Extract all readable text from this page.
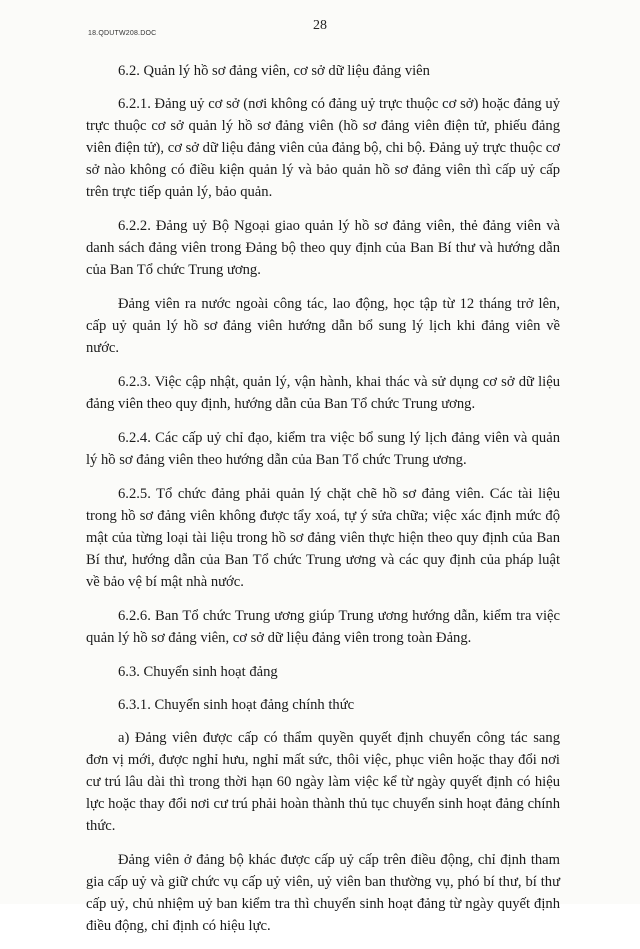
18.QDUTW208.DOC
28

6.2. Quản lý hồ sơ đảng viên, cơ sở dữ liệu đảng viên

6.2.1. Đảng uỷ cơ sở (nơi không có đảng uỷ trực thuộc cơ sở) hoặc đảng uỷ trực thuộc cơ sở quản lý hồ sơ đảng viên (hồ sơ đảng viên điện tử, phiếu đảng viên điện tử), cơ sở dữ liệu đảng viên của đảng bộ, chi bộ. Đảng uỷ trực thuộc cơ sở nào không có điều kiện quản lý và bảo quản hồ sơ đảng viên thì cấp uỷ cấp trên trực tiếp quản lý, bảo quản.

6.2.2. Đảng uỷ Bộ Ngoại giao quản lý hồ sơ đảng viên, thẻ đảng viên và danh sách đảng viên trong Đảng bộ theo quy định của Ban Bí thư và hướng dẫn của Ban Tổ chức Trung ương.

Đảng viên ra nước ngoài công tác, lao động, học tập từ 12 tháng trở lên, cấp uỷ quản lý hồ sơ đảng viên hướng dẫn bổ sung lý lịch khi đảng viên về nước.

6.2.3. Việc cập nhật, quản lý, vận hành, khai thác và sử dụng cơ sở dữ liệu đảng viên theo quy định, hướng dẫn của Ban Tổ chức Trung ương.

6.2.4. Các cấp uỷ chỉ đạo, kiểm tra việc bổ sung lý lịch đảng viên và quản lý hồ sơ đảng viên theo hướng dẫn của Ban Tổ chức Trung ương.

6.2.5. Tổ chức đảng phải quản lý chặt chẽ hồ sơ đảng viên. Các tài liệu trong hồ sơ đảng viên không được tẩy xoá, tự ý sửa chữa; việc xác định mức độ mật của từng loại tài liệu trong hồ sơ đảng viên thực hiện theo quy định của Ban Bí thư, hướng dẫn của Ban Tổ chức Trung ương và các quy định của pháp luật về bảo vệ bí mật nhà nước.

6.2.6. Ban Tổ chức Trung ương giúp Trung ương hướng dẫn, kiểm tra việc quản lý hồ sơ đảng viên, cơ sở dữ liệu đảng viên trong toàn Đảng.

6.3. Chuyển sinh hoạt đảng

6.3.1. Chuyển sinh hoạt đảng chính thức

a) Đảng viên được cấp có thẩm quyền quyết định chuyển công tác sang đơn vị mới, được nghỉ hưu, nghỉ mất sức, thôi việc, phục viên hoặc thay đổi nơi cư trú lâu dài thì trong thời hạn 60 ngày làm việc kể từ ngày quyết định có hiệu lực hoặc thay đổi nơi cư trú phải hoàn thành thủ tục chuyển sinh hoạt đảng chính thức.

Đảng viên ở đảng bộ khác được cấp uỷ cấp trên điều động, chỉ định tham gia cấp uỷ và giữ chức vụ cấp uỷ viên, uỷ viên ban thường vụ, phó bí thư, bí thư cấp uỷ, chủ nhiệm uỷ ban kiểm tra thì chuyển sinh hoạt đảng từ ngày quyết định điều động, chỉ định có hiệu lực.
